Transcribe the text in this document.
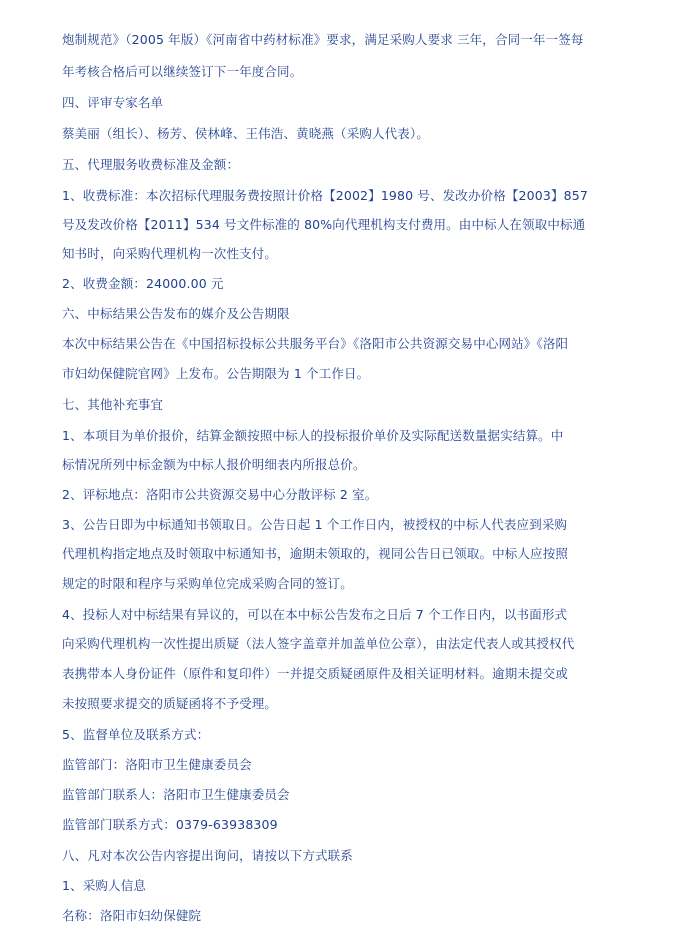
炮制规范》（2005 年版）《河南省中药材标准》要求，满足采购人要求 三年，合同一年一签每
年考核合格后可以继续签订下一年度合同。
四、评审专家名单
蔡美丽（组长）、杨芳、侯林峰、王伟浩、黄晓燕（采购人代表）。
五、代理服务收费标准及金额：
1、收费标准：本次招标代理服务费按照计价格【2002】1980 号、发改办价格【2003】857
号及发改价格【2011】534 号文件标准的 80%向代理机构支付费用。由中标人在领取中标通
知书时，向采购代理机构一次性支付。
2、收费金额：24000.00 元
六、中标结果公告发布的媒介及公告期限
本次中标结果公告在《中国招标投标公共服务平台》《洛阳市公共资源交易中心网站》《洛阳
市妇幼保健院官网》上发布。公告期限为 1 个工作日。
七、其他补充事宜
1、本项目为单价报价，结算金额按照中标人的投标报价单价及实际配送数量据实结算。中
标情况所列中标金额为中标人报价明细表内所报总价。
2、评标地点：洛阳市公共资源交易中心分散评标 2 室。
3、公告日即为中标通知书领取日。公告日起 1 个工作日内，被授权的中标人代表应到采购
代理机构指定地点及时领取中标通知书，逾期未领取的，视同公告日已领取。中标人应按照
规定的时限和程序与采购单位完成采购合同的签订。
4、投标人对中标结果有异议的，可以在本中标公告发布之日后 7 个工作日内，以书面形式
向采购代理机构一次性提出质疑（法人签字盖章并加盖单位公章），由法定代表人或其授权代
表携带本人身份证件（原件和复印件）一并提交质疑函原件及相关证明材料。逾期未提交或
未按照要求提交的质疑函将不予受理。
5、监督单位及联系方式：
监管部门：洛阳市卫生健康委员会
监管部门联系人：洛阳市卫生健康委员会
监管部门联系方式：0379-63938309
八、凡对本次公告内容提出询问，请按以下方式联系
1、采购人信息
名称：洛阳市妇幼保健院
